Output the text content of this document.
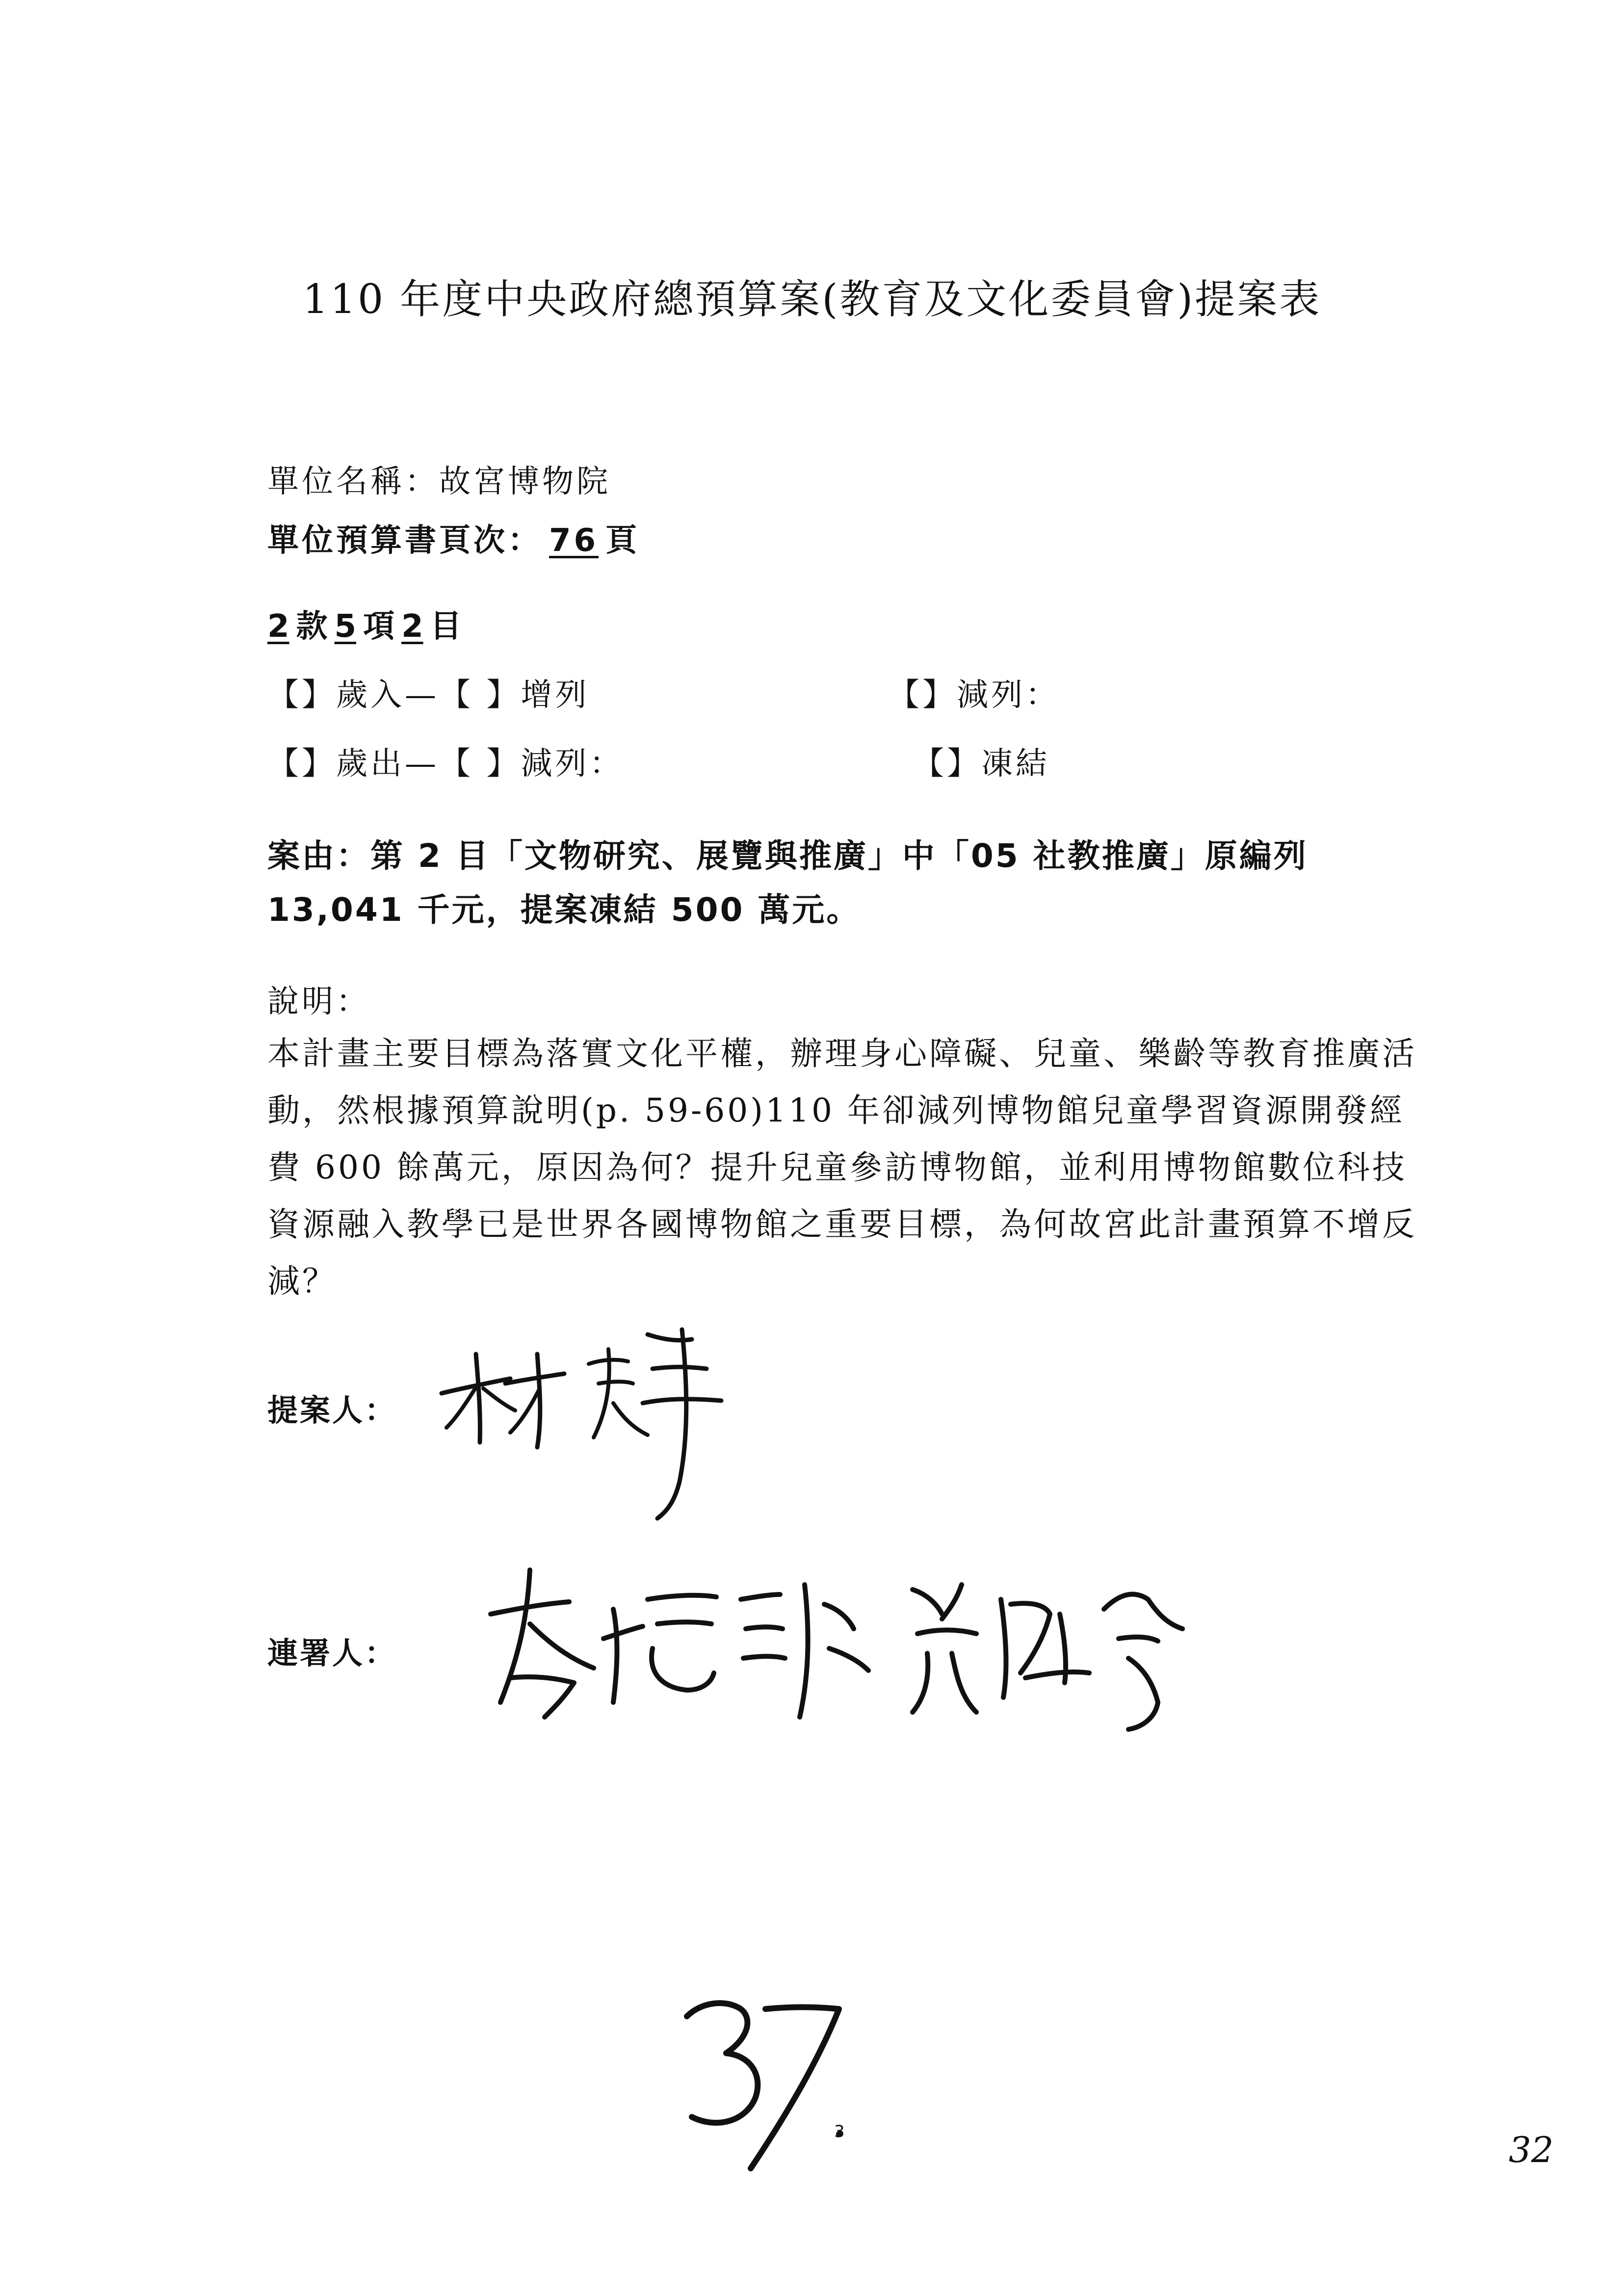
110 年度中央政府總預算案(教育及文化委員會)提案表
單位名稱：故宮博物院
單位預算書頁次： 76 頁
2 款 5 項 2 目
【】歲入—【 】增列	【】減列：
【】歲出—【 】減列：	【】凍結
案由：第 2 目「文物研究、展覽與推廣」中「05 社教推廣」原編列 13,041 千元，提案凍結 500 萬元。
說明：
本計畫主要目標為落實文化平權，辦理身心障礙、兒童、樂齡等教育推廣活動，然根據預算說明(p. 59-60)110 年卻減列博物館兒童學習資源開發經費 600 餘萬元，原因為何？提升兒童參訪博物館，並利用博物館數位科技資源融入教學已是世界各國博物館之重要目標，為何故宮此計畫預算不增反減？
提案人：
連署人：
3	32
